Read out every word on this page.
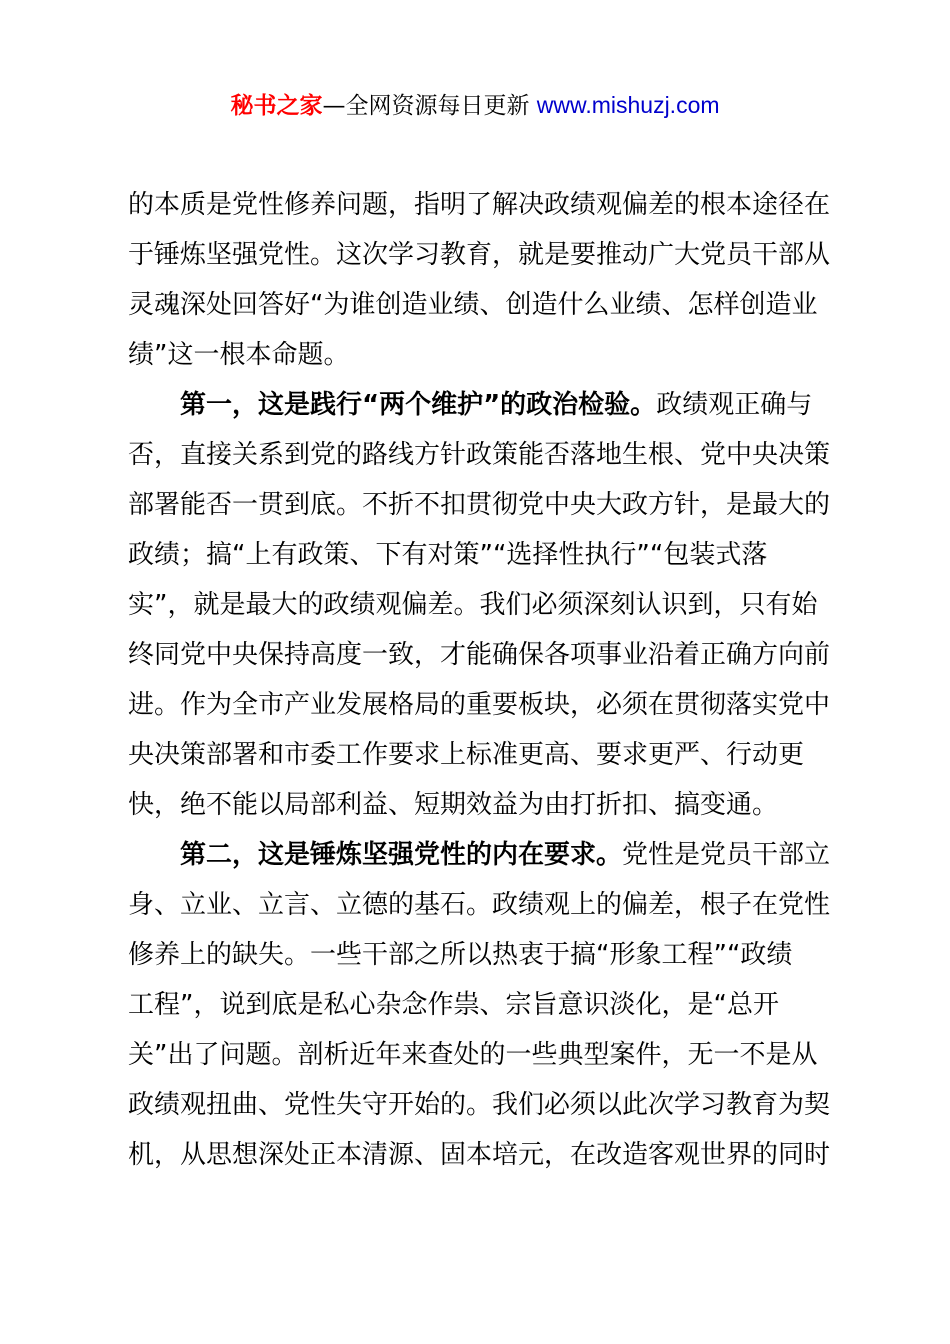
秘书之家—全网资源每日更新 www.mishuzj.com
的本质是党性修养问题，指明了解决政绩观偏差的根本途径在
于锤炼坚强党性。这次学习教育，就是要推动广大党员干部从
灵魂深处回答好“为谁创造业绩、创造什么业绩、怎样创造业
绩”这一根本命题。
第一，这是践行“两个维护”的政治检验。政绩观正确与
否，直接关系到党的路线方针政策能否落地生根、党中央决策
部署能否一贯到底。不折不扣贯彻党中央大政方针，是最大的
政绩；搞“上有政策、下有对策”“选择性执行”“包装式落
实”，就是最大的政绩观偏差。我们必须深刻认识到，只有始
终同党中央保持高度一致，才能确保各项事业沿着正确方向前
进。作为全市产业发展格局的重要板块，必须在贯彻落实党中
央决策部署和市委工作要求上标准更高、要求更严、行动更
快，绝不能以局部利益、短期效益为由打折扣、搞变通。
第二，这是锤炼坚强党性的内在要求。党性是党员干部立
身、立业、立言、立德的基石。政绩观上的偏差，根子在党性
修养上的缺失。一些干部之所以热衷于搞“形象工程”“政绩
工程”，说到底是私心杂念作祟、宗旨意识淡化，是“总开
关”出了问题。剖析近年来查处的一些典型案件，无一不是从
政绩观扭曲、党性失守开始的。我们必须以此次学习教育为契
机，从思想深处正本清源、固本培元，在改造客观世界的同时
